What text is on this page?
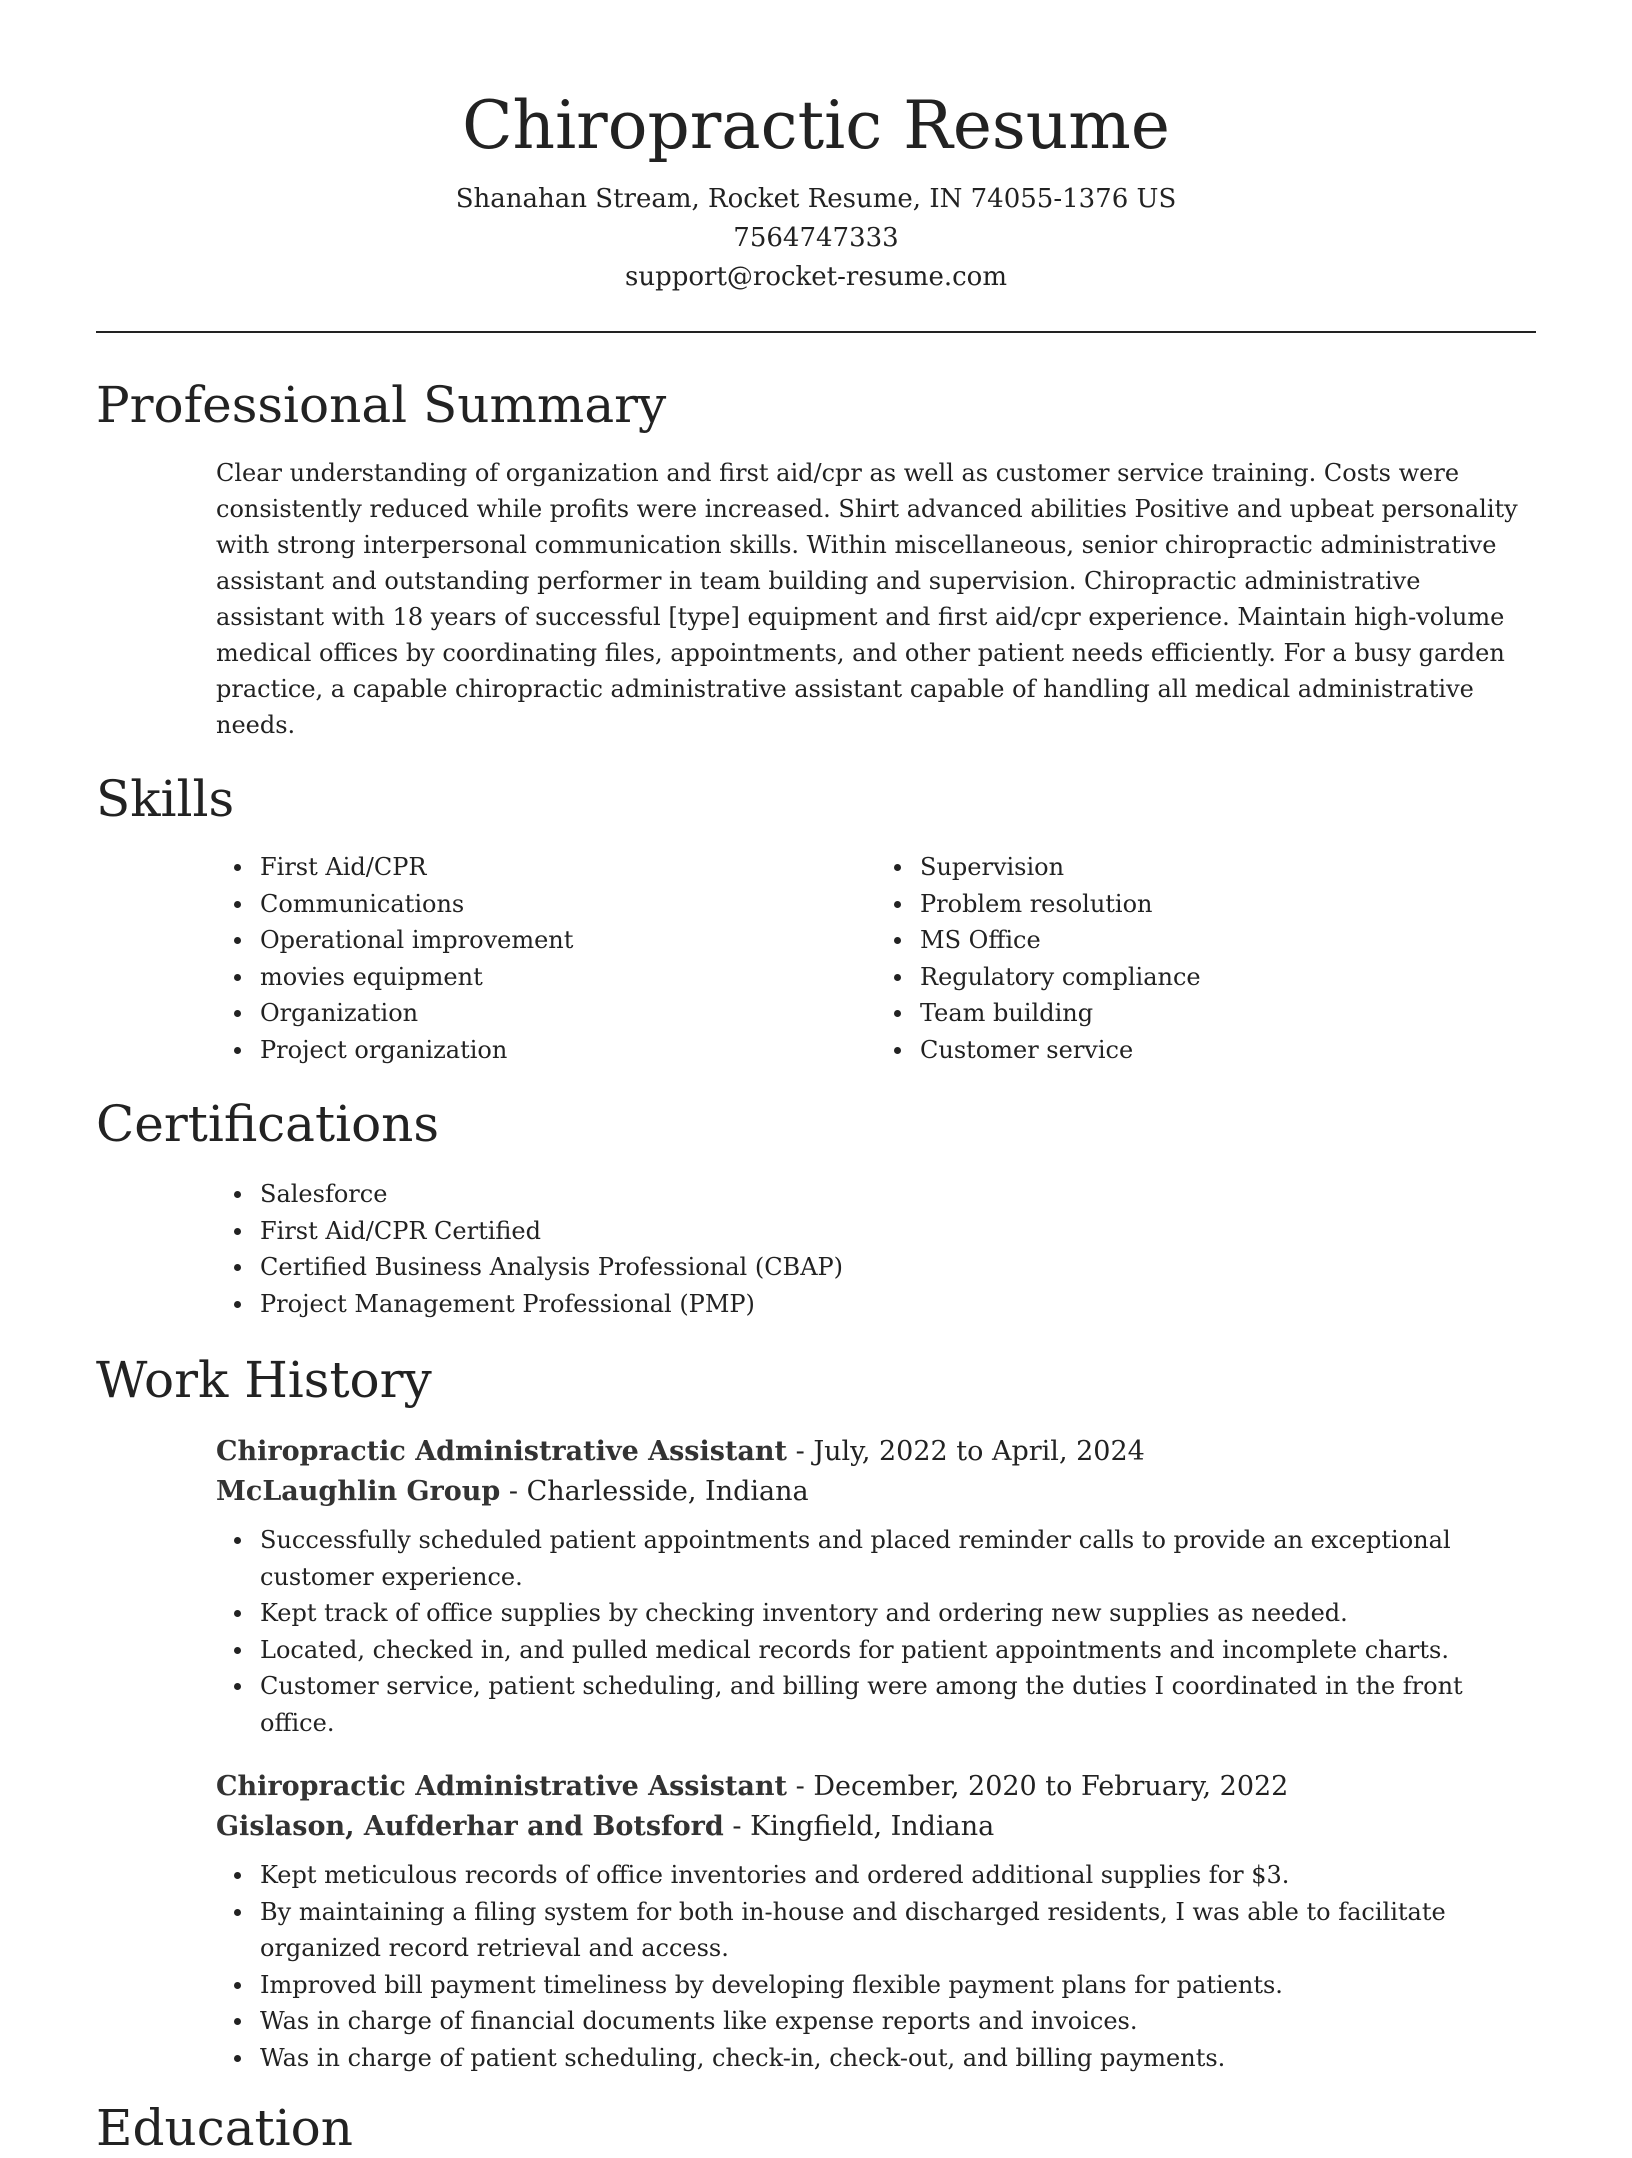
Chiropractic Resume

Shanahan Stream, Rocket Resume, IN 74055-1376 US

7564747333

support@rocket-resume.com

Professional Summary

Clear understanding of organization and first aid/cpr as well as customer service training. Costs were consistently reduced while profits were increased. Shirt advanced abilities Positive and upbeat personality with strong interpersonal communication skills. Within miscellaneous, senior chiropractic administrative assistant and outstanding performer in team building and supervision. Chiropractic administrative assistant with 18 years of successful [type] equipment and first aid/cpr experience. Maintain high-volume medical offices by coordinating files, appointments, and other patient needs efficiently. For a busy garden practice, a capable chiropractic administrative assistant capable of handling all medical administrative needs.

Skills
First Aid/CPR
Communications
Operational improvement
movies equipment
Organization
Project organization
Supervision
Problem resolution
MS Office
Regulatory compliance
Team building
Customer service
Certifications
Salesforce
First Aid/CPR Certified
Certified Business Analysis Professional (CBAP)
Project Management Professional (PMP)
Work History

Chiropractic Administrative Assistant - July, 2022 to April, 2024

McLaughlin Group - Charlesside, Indiana

Successfully scheduled patient appointments and placed reminder calls to provide an exceptional customer experience.
Kept track of office supplies by checking inventory and ordering new supplies as needed.
Located, checked in, and pulled medical records for patient appointments and incomplete charts.
Customer service, patient scheduling, and billing were among the duties I coordinated in the front office.

Chiropractic Administrative Assistant - December, 2020 to February, 2022

Gislason, Aufderhar and Botsford - Kingfield, Indiana

Kept meticulous records of office inventories and ordered additional supplies for $3.
By maintaining a filing system for both in-house and discharged residents, I was able to facilitate organized record retrieval and access.
Improved bill payment timeliness by developing flexible payment plans for patients.
Was in charge of financial documents like expense reports and invoices.
Was in charge of patient scheduling, check-in, check-out, and billing payments.
Education
